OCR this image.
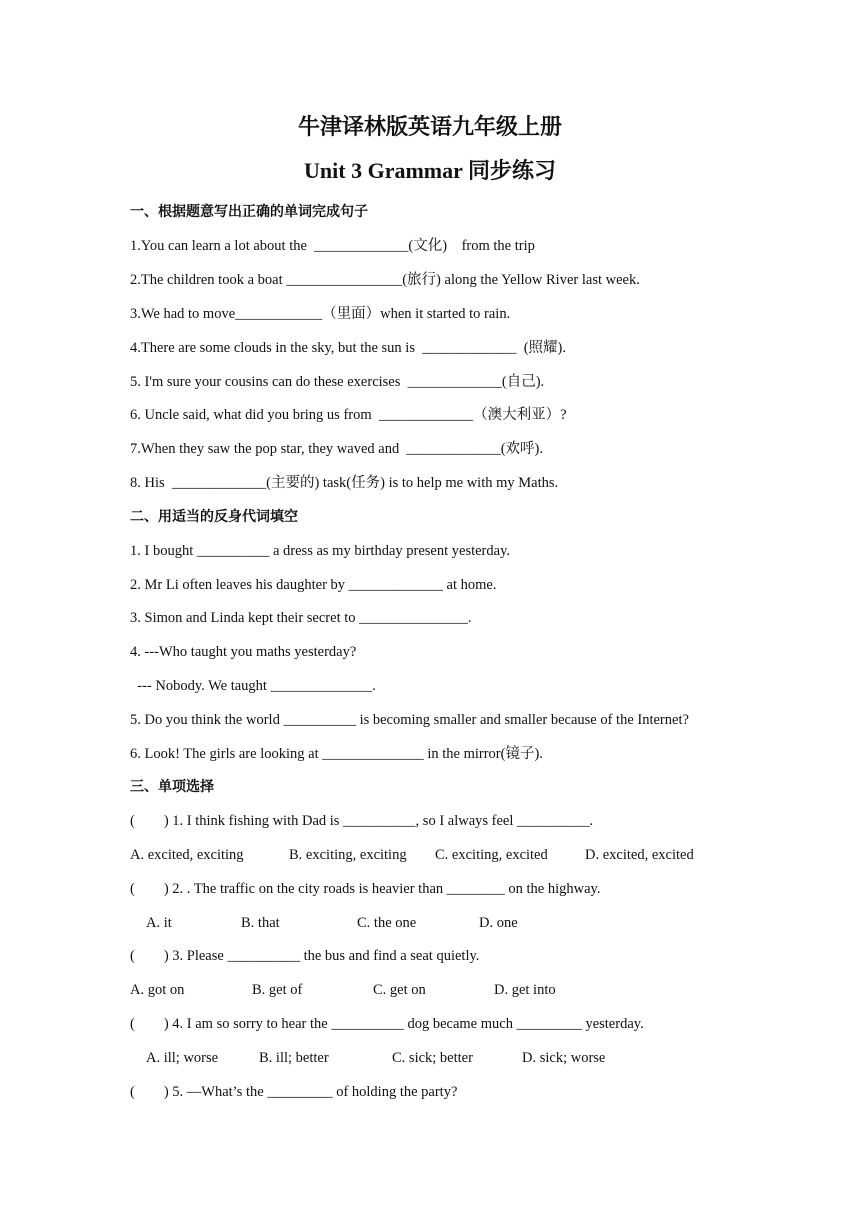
牛津译林版英语九年级上册
Unit 3 Grammar 同步练习
一、根据题意写出正确的单词完成句子

1.You can learn a lot about the  _____________(文化)    from the trip

2.The children took a boat ________________(旅行) along the Yellow River last week.

3.We had to move____________（里面）when it started to rain.

4.There are some clouds in the sky, but the sun is  _____________  (照耀).

5. I'm sure your cousins can do these exercises  _____________(自己).

6. Uncle said, what did you bring us from  _____________（澳大利亚）?

7.When they saw the pop star, they waved and  _____________(欢呼).

8. His  _____________(主要的) task(任务) is to help me with my Maths.

二、用适当的反身代词填空

1. I bought __________ a dress as my birthday present yesterday.

2. Mr Li often leaves his daughter by _____________ at home.

3. Simon and Linda kept their secret to _______________.

4. ---Who taught you maths yesterday?

--- Nobody. We taught ______________.

5. Do you think the world __________ is becoming smaller and smaller because of the Internet?

6. Look! The girls are looking at ______________ in the mirror(镜子).

三、单项选择

(        ) 1. I think fishing with Dad is __________, so I always feel __________.

A. excited, exciting	B. exciting, exciting C. exciting, excited	D. excited, excited

(        ) 2. . The traffic on the city roads is heavier than ________ on the highway.

A. it	B. that	C. the one	D. one

(        ) 3. Please __________ the bus and find a seat quietly.

A. got on	B. get of	C. get on	D. get into

(        ) 4. I am so sorry to hear the __________ dog became much _________ yesterday.

A. ill; worse	B. ill; better	C. sick; better	D. sick; worse

(        ) 5. —What’s the _________ of holding the party?
